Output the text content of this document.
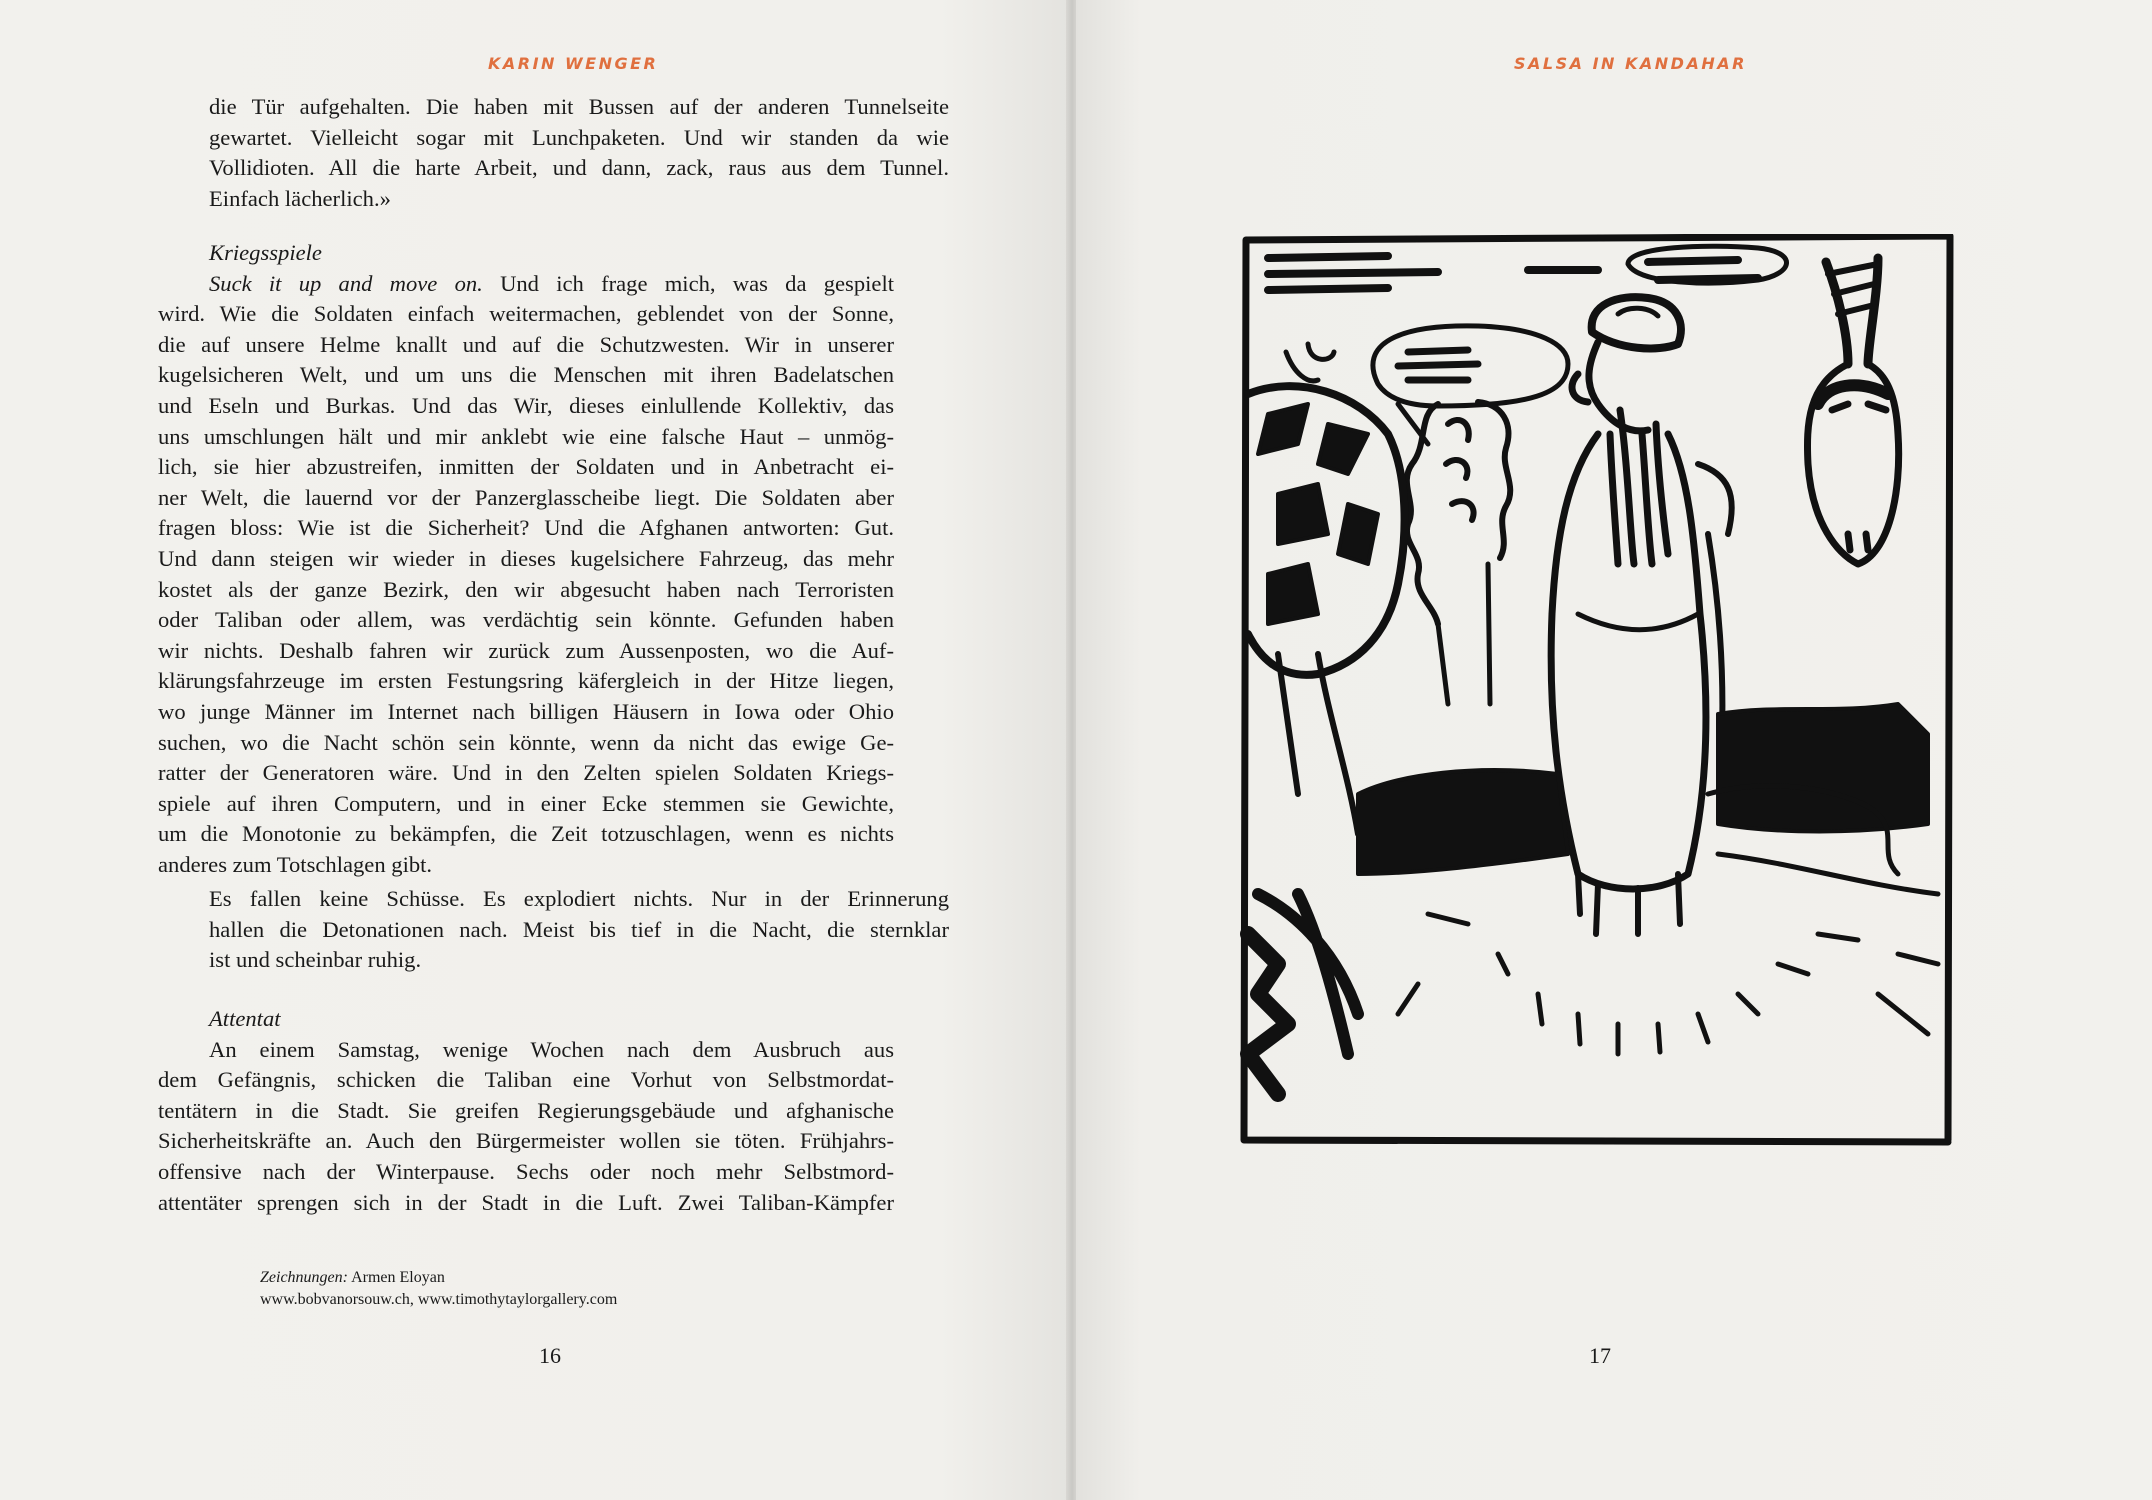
KARIN WENGER
die Tür aufgehalten. Die haben mit Bussen auf der anderen Tunnelseite
gewartet. Vielleicht sogar mit Lunchpaketen. Und wir standen da wie
Vollidioten. All die harte Arbeit, und dann, zack, raus aus dem Tunnel.
Einfach lächerlich.»
Kriegsspiele
Suck it up and move on. Und ich frage mich, was da gespielt
wird. Wie die Soldaten einfach weitermachen, geblendet von der Sonne,
die auf unsere Helme knallt und auf die Schutzwesten. Wir in unserer
kugelsicheren Welt, und um uns die Menschen mit ihren Badelatschen
und Eseln und Burkas. Und das Wir, dieses einlullende Kollektiv, das
uns umschlungen hält und mir anklebt wie eine falsche Haut – unmög-
lich, sie hier abzustreifen, inmitten der Soldaten und in Anbetracht ei-
ner Welt, die lauernd vor der Panzerglasscheibe liegt. Die Soldaten aber
fragen bloss: Wie ist die Sicherheit? Und die Afghanen antworten: Gut.
Und dann steigen wir wieder in dieses kugelsichere Fahrzeug, das mehr
kostet als der ganze Bezirk, den wir abgesucht haben nach Terroristen
oder Taliban oder allem, was verdächtig sein könnte. Gefunden haben
wir nichts. Deshalb fahren wir zurück zum Aussenposten, wo die Auf-
klärungsfahrzeuge im ersten Festungsring käfergleich in der Hitze liegen,
wo junge Männer im Internet nach billigen Häusern in Iowa oder Ohio
suchen, wo die Nacht schön sein könnte, wenn da nicht das ewige Ge-
ratter der Generatoren wäre. Und in den Zelten spielen Soldaten Kriegs-
spiele auf ihren Computern, und in einer Ecke stemmen sie Gewichte,
um die Monotonie zu bekämpfen, die Zeit totzuschlagen, wenn es nichts
anderes zum Totschlagen gibt.
Es fallen keine Schüsse. Es explodiert nichts. Nur in der Erinnerung
hallen die Detonationen nach. Meist bis tief in die Nacht, die sternklar
ist und scheinbar ruhig.
Attentat
An einem Samstag, wenige Wochen nach dem Ausbruch aus
dem Gefängnis, schicken die Taliban eine Vorhut von Selbstmordat-
tentätern in die Stadt. Sie greifen Regierungsgebäude und afghanische
Sicherheitskräfte an. Auch den Bürgermeister wollen sie töten. Frühjahrs-
offensive nach der Winterpause. Sechs oder noch mehr Selbstmord-
attentäter sprengen sich in der Stadt in die Luft. Zwei Taliban-Kämpfer
Zeichnungen: Armen Eloyan
www.bobvanorsouw.ch, www.timothytaylorgallery.com
16
SALSA IN KANDAHAR
17
